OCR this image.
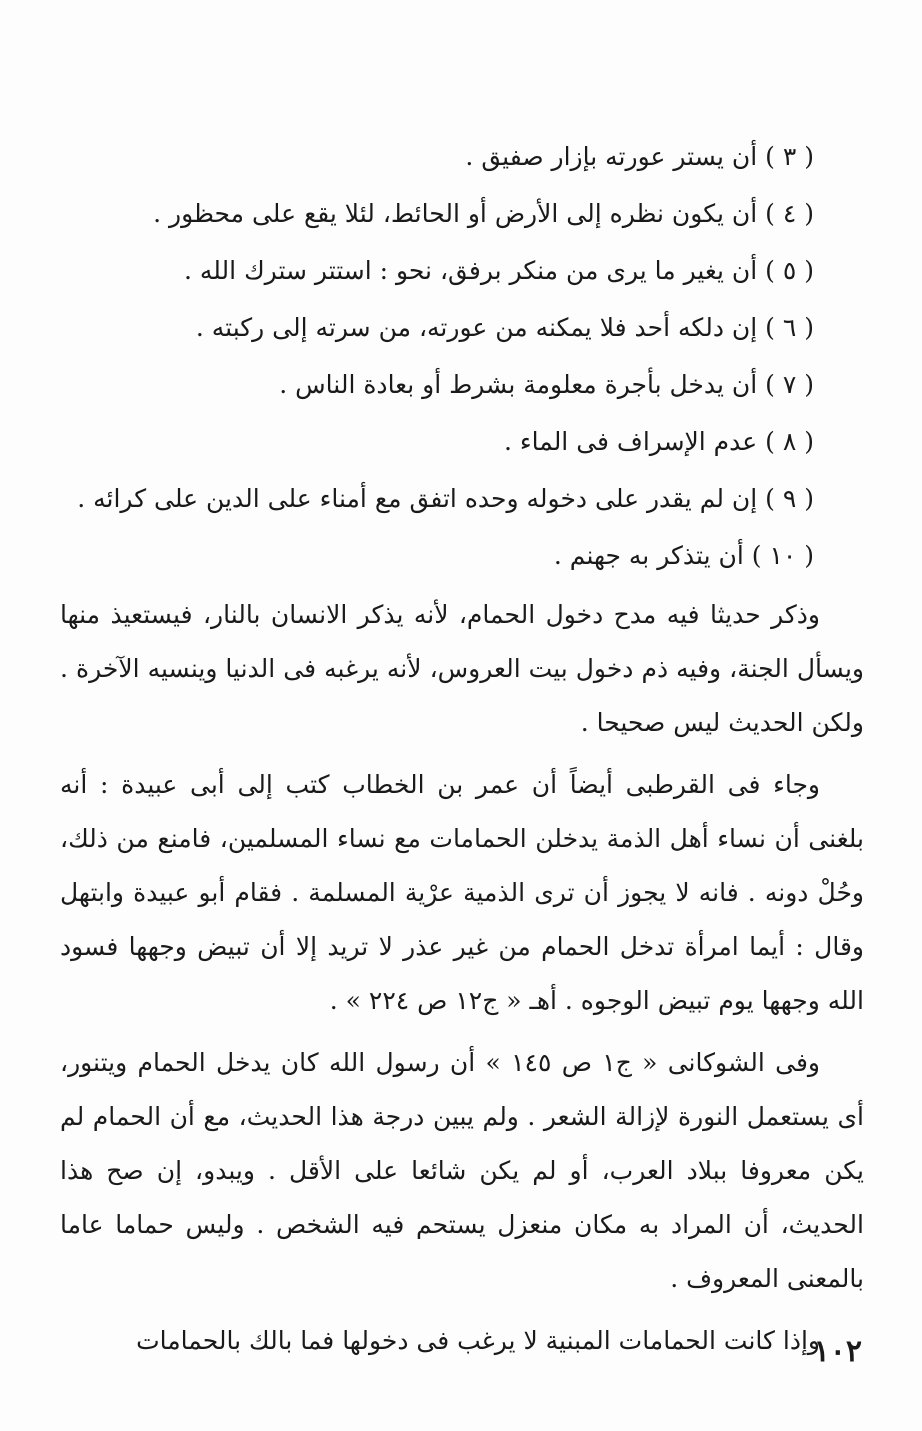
( ٣ ) أن يستر عورته بإزار صفيق .
( ٤ ) أن يكون نظره إلى الأرض أو الحائط، لئلا يقع على محظور .
( ٥ ) أن يغير ما يرى من منكر برفق، نحو : استتر سترك الله .
( ٦ ) إن دلكه أحد فلا يمكنه من عورته، من سرته إلى ركبته .
( ٧ ) أن يدخل بأجرة معلومة بشرط أو بعادة الناس .
( ٨ ) عدم الإسراف فى الماء .
( ٩ ) إن لم يقدر على دخوله وحده اتفق مع أمناء على الدين على كرائه .
( ١٠ ) أن يتذكر به جهنم .

وذكر حديثا فيه مدح دخول الحمام، لأنه يذكر الانسان بالنار، فيستعيذ منها ويسأل الجنة، وفيه ذم دخول بيت العروس، لأنه يرغبه فى الدنيا وينسيه الآخرة . ولكن الحديث ليس صحيحا .

وجاء فى القرطبى أيضاً أن عمر بن الخطاب كتب إلى أبى عبيدة : أنه بلغنى أن نساء أهل الذمة يدخلن الحمامات مع نساء المسلمين، فامنع من ذلك، وحُلْ دونه . فانه لا يجوز أن ترى الذمية عرْية المسلمة . فقام أبو عبيدة وابتهل وقال : أيما امرأة تدخل الحمام من غير عذر لا تريد إلا أن تبيض وجهها فسود الله وجهها يوم تبيض الوجوه . أهـ « ج١٢ ص ٢٢٤ » .

وفى الشوكانى « ج١ ص ١٤٥ » أن رسول الله كان يدخل الحمام ويتنور، أى يستعمل النورة لإزالة الشعر . ولم يبين درجة هذا الحديث، مع أن الحمام لم يكن معروفا ببلاد العرب، أو لم يكن شائعا على الأقل . ويبدو، إن صح هذا الحديث، أن المراد به مكان منعزل يستحم فيه الشخص . وليس حماما عاما بالمعنى المعروف .

وإذا كانت الحمامات المبنية لا يرغب فى دخولها فما بالك بالحمامات

١٠٢
